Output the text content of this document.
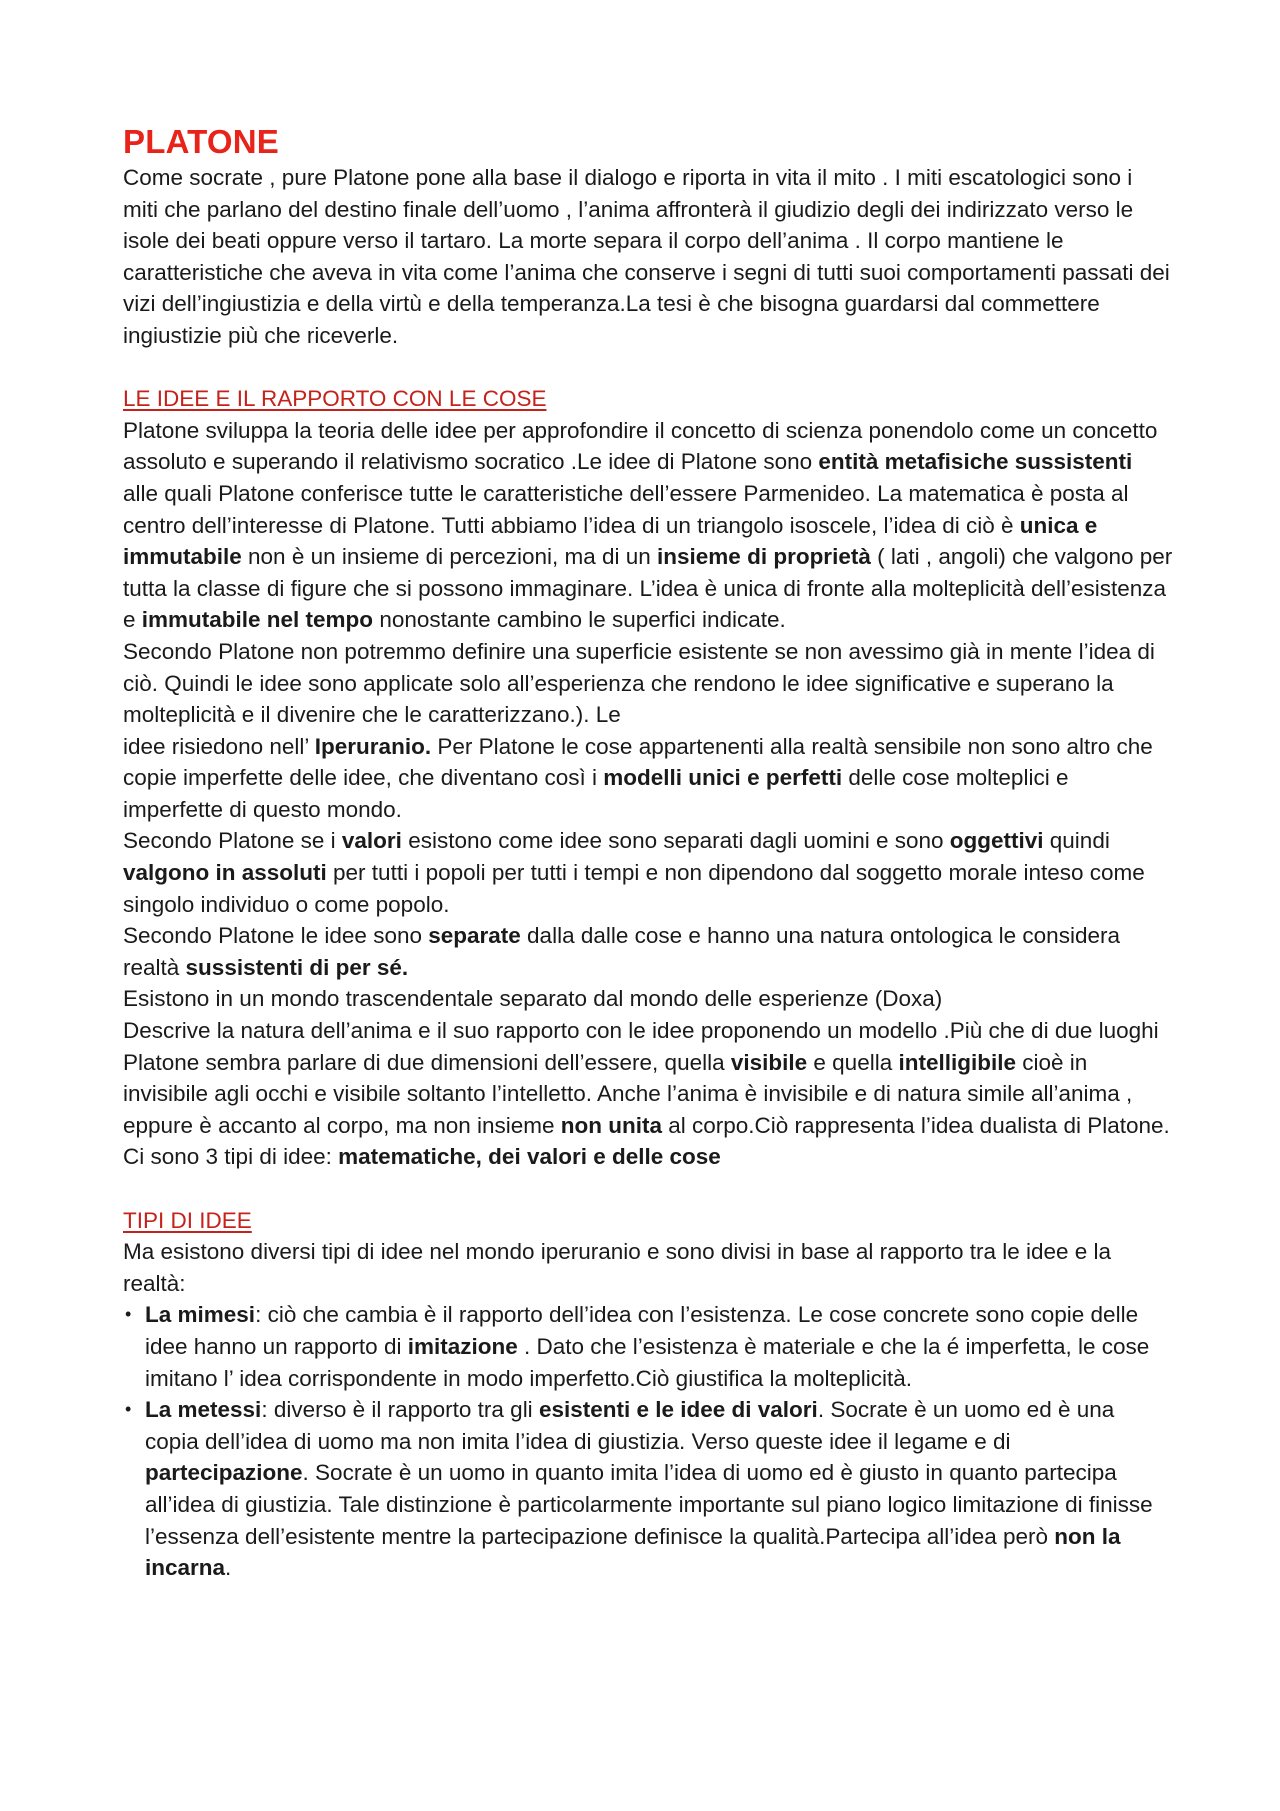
PLATONE

Come socrate , pure Platone pone alla base il dialogo e riporta in vita il mito . I miti escatologici sono i miti che parlano del destino finale dell’uomo , l’anima affronterà il giudizio degli dei indirizzato verso le isole dei beati oppure verso il tartaro. La morte separa il corpo dell’anima . Il corpo mantiene le caratteristiche che aveva in vita come l’anima che conserve i segni di tutti suoi comportamenti passati dei vizi dell’ingiustizia e della virtù e della temperanza.La tesi è che bisogna guardarsi dal commettere ingiustizie più che riceverle.

LE IDEE E IL RAPPORTO CON LE COSE

Platone sviluppa la teoria delle idee per approfondire il concetto di scienza ponendolo come un concetto assoluto e superando il relativismo socratico .Le idee di Platone sono entità metafisiche sussistenti alle quali Platone conferisce tutte le caratteristiche dell’essere Parmenideo. La matematica è posta al centro dell’interesse di Platone. Tutti abbiamo l’idea di un triangolo isoscele, l’idea di ciò è unica e immutabile non è un insieme di percezioni, ma di un insieme di proprietà ( lati , angoli) che valgono per tutta la classe di figure che si possono immaginare. L’idea è unica di fronte alla molteplicità dell’esistenza e immutabile nel tempo nonostante cambino le superfici indicate.

Secondo Platone non potremmo definire una superficie esistente se non avessimo già in mente l’idea di ciò. Quindi le idee sono applicate solo all’esperienza che rendono le idee significative e superano la molteplicità e il divenire che le caratterizzano.). Le

idee risiedono nell’ Iperuranio. Per Platone le cose appartenenti alla realtà sensibile non sono altro che copie imperfette delle idee, che diventano così i modelli unici e perfetti delle cose molteplici e imperfette di questo mondo.

Secondo Platone se i valori esistono come idee sono separati dagli uomini e sono oggettivi quindi valgono in assoluti per tutti i popoli per tutti i tempi e non dipendono dal soggetto morale inteso come singolo individuo o come popolo.

Secondo Platone le idee sono separate dalla dalle cose e hanno una natura ontologica le considera realtà sussistenti di per sé.

Esistono in un mondo trascendentale separato dal mondo delle esperienze (Doxa)

Descrive la natura dell’anima e il suo rapporto con le idee proponendo un modello .Più che di due luoghi Platone sembra parlare di due dimensioni dell’essere, quella visibile e quella intelligibile cioè in invisibile agli occhi e visibile soltanto l’intelletto. Anche l’anima è invisibile e di natura simile all’anima , eppure è accanto al corpo, ma non insieme non unita al corpo.Ciò rappresenta l’idea dualista di Platone.

Ci sono 3 tipi di idee: matematiche, dei valori e delle cose

TIPI DI IDEE

Ma esistono diversi tipi di idee nel mondo iperuranio e sono divisi in base al rapporto tra le idee e la realtà:

• La mimesi: ciò che cambia è il rapporto dell’idea con l’esistenza. Le cose concrete sono copie delle idee hanno un rapporto di imitazione . Dato che l’esistenza è materiale e che la é imperfetta, le cose imitano l’ idea corrispondente in modo imperfetto.Ciò giustifica la molteplicità.
• La metessi: diverso è il rapporto tra gli esistenti e le idee di valori. Socrate è un uomo ed è una copia dell’idea di uomo ma non imita l’idea di giustizia. Verso queste idee il legame e di partecipazione. Socrate è un uomo in quanto imita l’idea di uomo ed è giusto in quanto partecipa all’idea di giustizia. Tale distinzione è particolarmente importante sul piano logico limitazione di finisse l’essenza dell’esistente mentre la partecipazione definisce la qualità.Partecipa all’idea però non la incarna.
